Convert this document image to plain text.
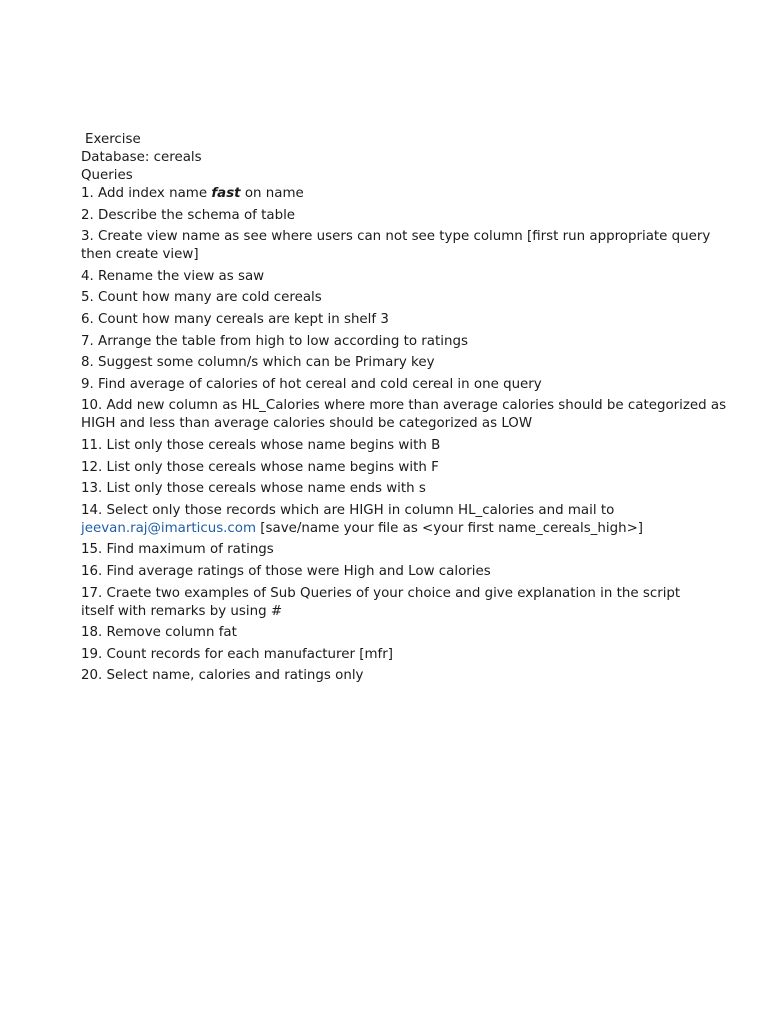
Exercise
Database: cereals
Queries
1. Add index name fast on name
2. Describe the schema of table
3. Create view name as see where users can not see type column [first run appropriate query
then create view]
4. Rename the view as saw
5. Count how many are cold cereals
6. Count how many cereals are kept in shelf 3
7. Arrange the table from high to low according to ratings
8. Suggest some column/s which can be Primary key
9. Find average of calories of hot cereal and cold cereal in one query
10. Add new column as HL_Calories where more than average calories should be categorized as
HIGH and less than average calories should be categorized as LOW
11. List only those cereals whose name begins with B
12. List only those cereals whose name begins with F
13. List only those cereals whose name ends with s
14. Select only those records which are HIGH in column HL_calories and mail to
jeevan.raj@imarticus.com [save/name your file as <your first name_cereals_high>]
15. Find maximum of ratings
16. Find average ratings of those were High and Low calories
17. Craete two examples of Sub Queries of your choice and give explanation in the script
itself with remarks by using #
18. Remove column fat
19. Count records for each manufacturer [mfr]
20. Select name, calories and ratings only
